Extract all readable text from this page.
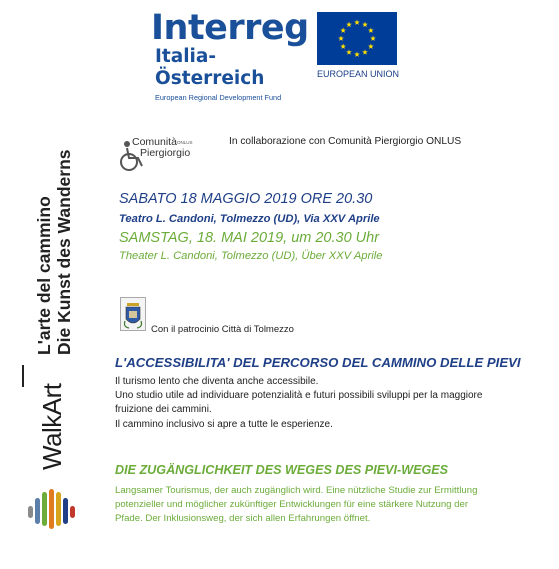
Interreg
Italia-Österreich
European Regional Development Fund
EUROPEAN UNION
L'arte del cammino Die Kunst des Wanderns
WalkArt
Comunità ONLUS
Piergiorgio
In collaborazione con Comunità Piergiorgio ONLUS
SABATO 18 MAGGIO 2019 ORE 20.30
Teatro L. Candoni, Tolmezzo (UD), Via XXV Aprile
SAMSTAG, 18. MAI 2019, um 20.30 Uhr
Theater L. Candoni, Tolmezzo (UD), Über XXV Aprile
Con il patrocinio Città di Tolmezzo
L'ACCESSIBILITA' DEL PERCORSO DEL CAMMINO DELLE PIEVI

Il turismo lento che diventa anche accessibile.

Uno studio utile ad individuare potenzialità e futuri possibili sviluppi per la maggiore

fruizione dei cammini.

Il cammino inclusivo si apre a tutte le esperienze.

DIE ZUGÄNGLICHKEIT DES WEGES DES PIEVI-WEGES

Langsamer Tourismus, der auch zugänglich wird. Eine nützliche Studie zur Ermittlung

potenzieller und möglicher zukünftiger Entwicklungen für eine stärkere Nutzung der

Pfade. Der Inklusionsweg, der sich allen Erfahrungen öffnet.
